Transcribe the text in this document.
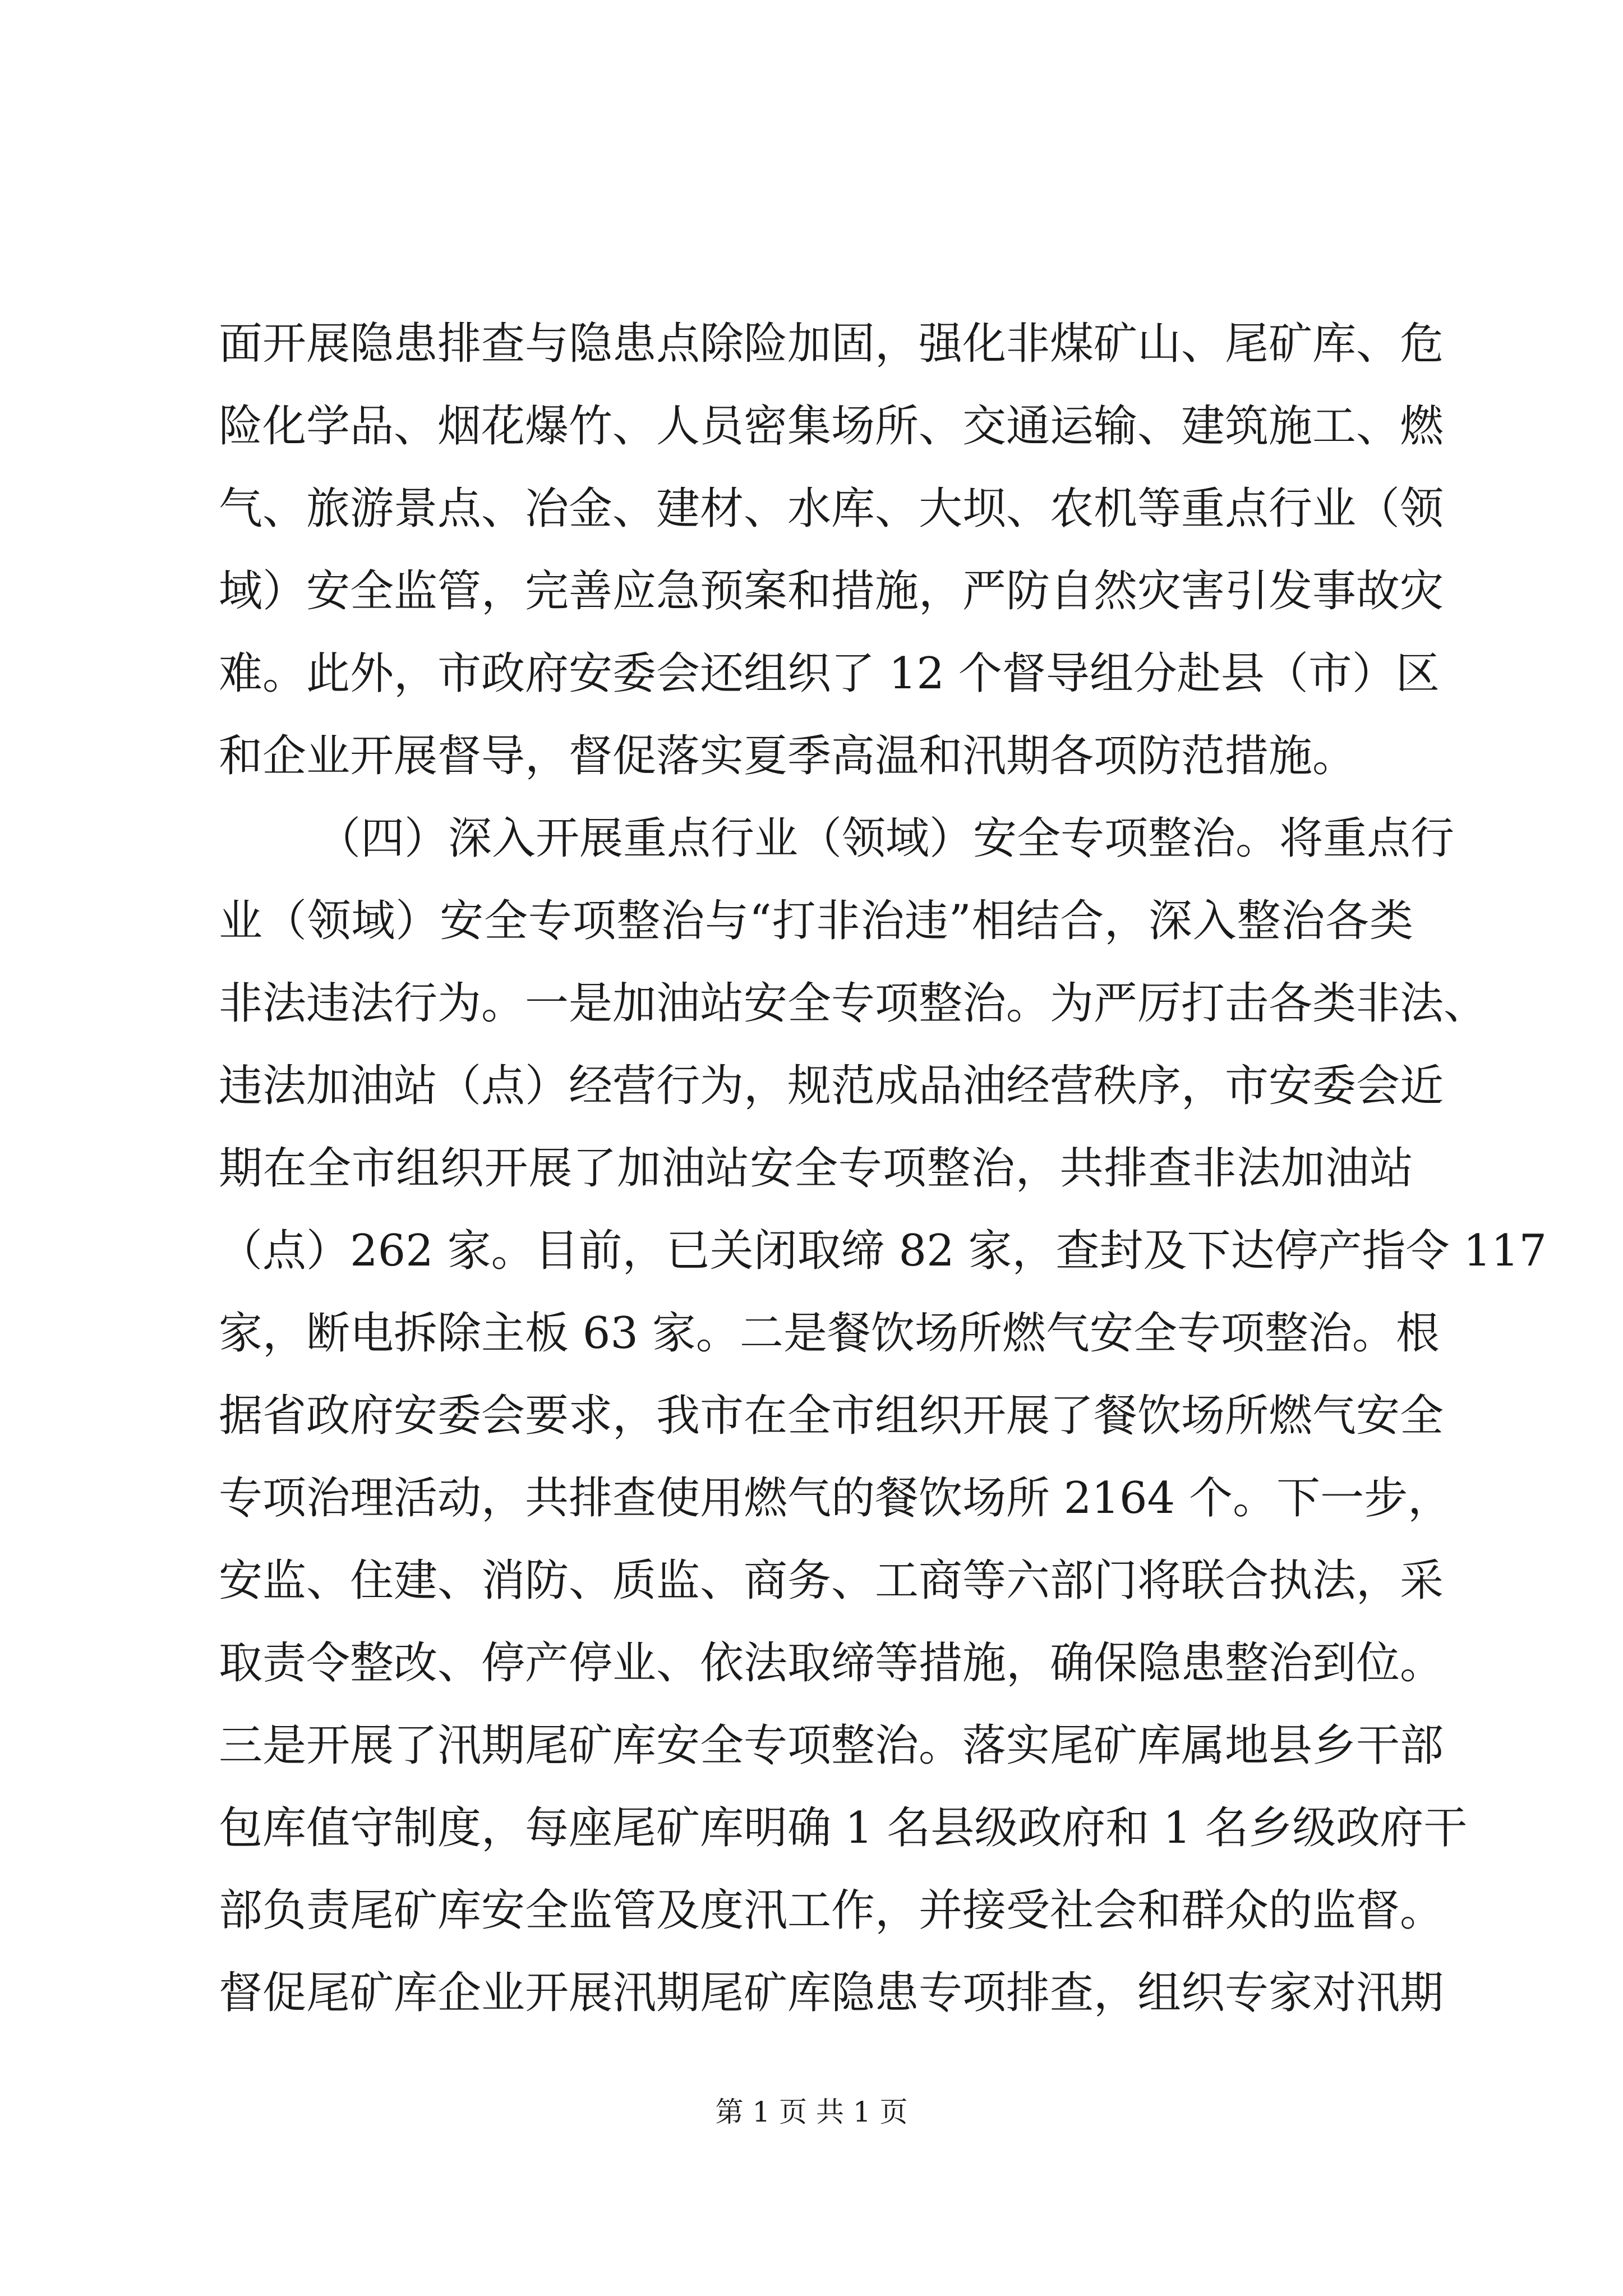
面开展隐患排查与隐患点除险加固，强化非煤矿山、尾矿库、危
险化学品、烟花爆竹、人员密集场所、交通运输、建筑施工、燃
气、旅游景点、冶金、建材、水库、大坝、农机等重点行业（领
域）安全监管，完善应急预案和措施，严防自然灾害引发事故灾
难。此外，市政府安委会还组织了 12 个督导组分赴县（市）区
和企业开展督导，督促落实夏季高温和汛期各项防范措施。
（四）深入开展重点行业（领域）安全专项整治。将重点行
业（领域）安全专项整治与“打非治违”相结合，深入整治各类
非法违法行为。一是加油站安全专项整治。为严厉打击各类非法、
违法加油站（点）经营行为，规范成品油经营秩序，市安委会近
期在全市组织开展了加油站安全专项整治，共排查非法加油站
（点）262 家。目前，已关闭取缔 82 家，查封及下达停产指令 117
家，断电拆除主板 63 家。二是餐饮场所燃气安全专项整治。根
据省政府安委会要求，我市在全市组织开展了餐饮场所燃气安全
专项治理活动，共排查使用燃气的餐饮场所 2164 个。下一步，
安监、住建、消防、质监、商务、工商等六部门将联合执法，采
取责令整改、停产停业、依法取缔等措施，确保隐患整治到位。
三是开展了汛期尾矿库安全专项整治。落实尾矿库属地县乡干部
包库值守制度，每座尾矿库明确 1 名县级政府和 1 名乡级政府干
部负责尾矿库安全监管及度汛工作，并接受社会和群众的监督。
督促尾矿库企业开展汛期尾矿库隐患专项排查，组织专家对汛期
第 1 页 共 1 页
